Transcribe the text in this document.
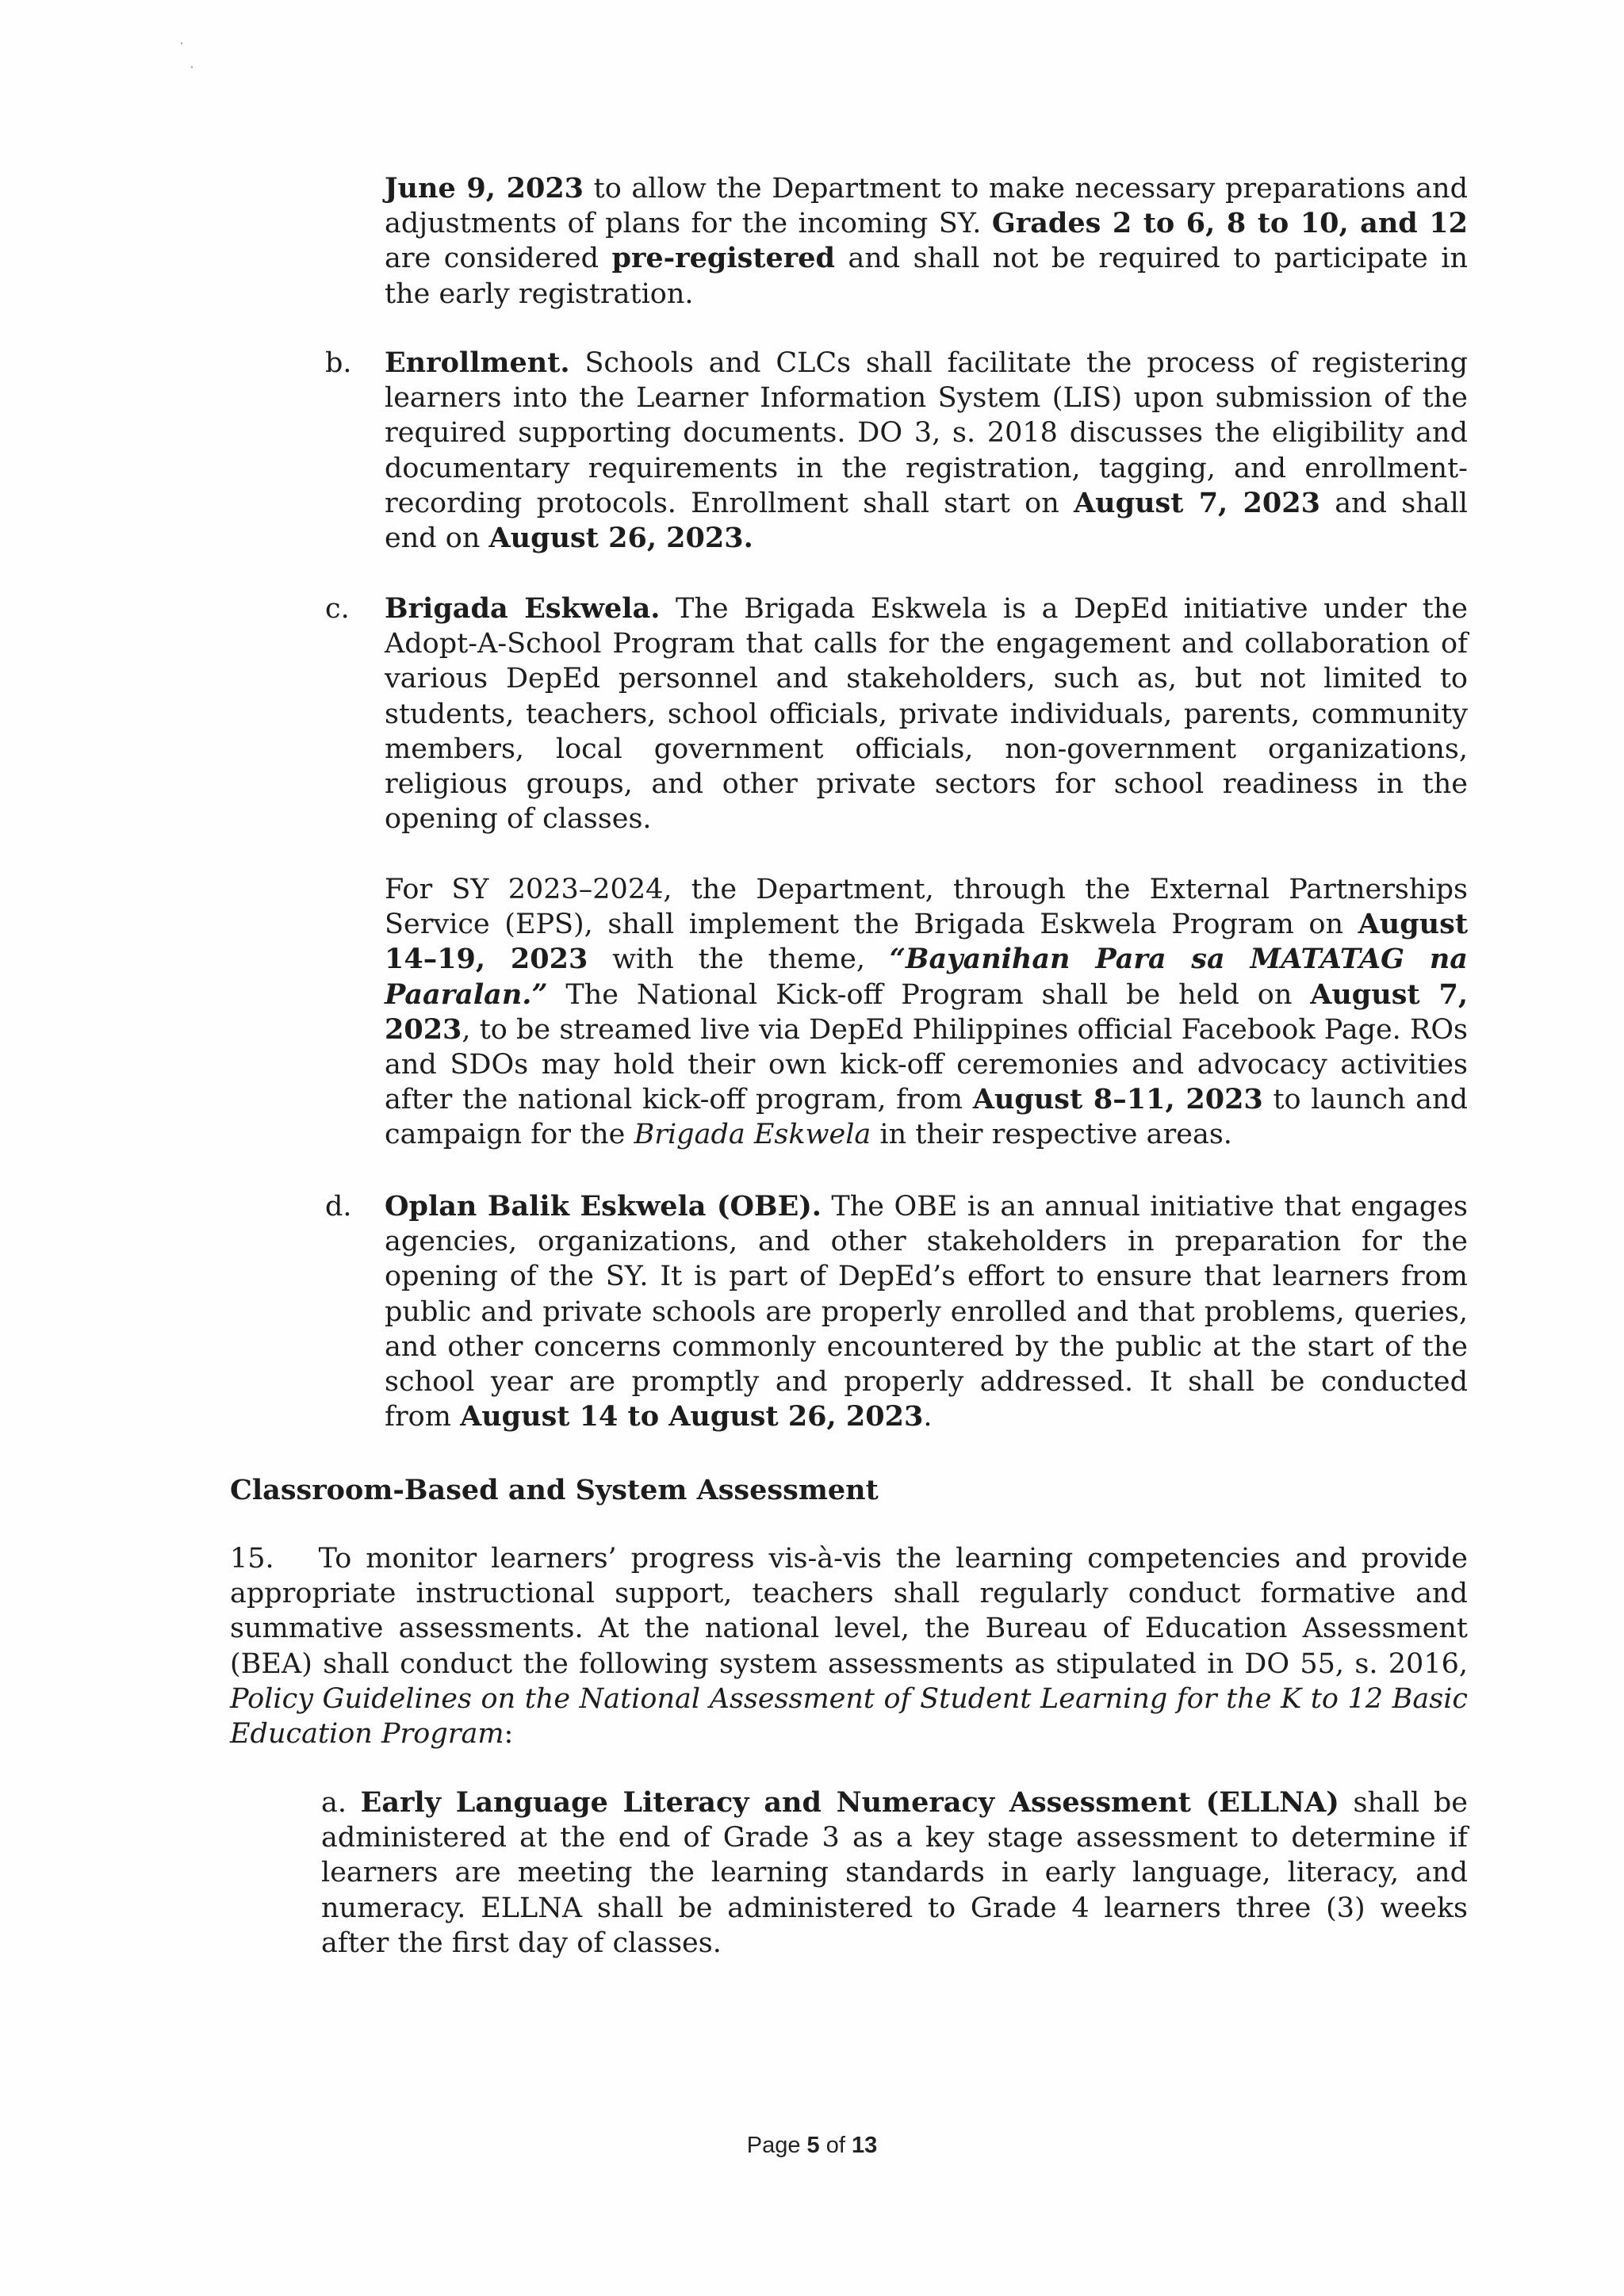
·
·

June 9, 2023 to allow the Department to make necessary preparations and adjustments of plans for the incoming SY. Grades 2 to 6, 8 to 10, and 12 are considered pre-registered and shall not be required to participate in the early registration.

b. Enrollment. Schools and CLCs shall facilitate the process of registering learners into the Learner Information System (LIS) upon submission of the required supporting documents. DO 3, s. 2018 discusses the eligibility and documentary requirements in the registration, tagging, and enrollment-recording protocols. Enrollment shall start on August 7, 2023 and shall end on August 26, 2023.

c. Brigada Eskwela. The Brigada Eskwela is a DepEd initiative under the Adopt-A-School Program that calls for the engagement and collaboration of various DepEd personnel and stakeholders, such as, but not limited to students, teachers, school officials, private individuals, parents, community members, local government officials, non-government organizations, religious groups, and other private sectors for school readiness in the opening of classes.

For SY 2023–2024, the Department, through the External Partnerships Service (EPS), shall implement the Brigada Eskwela Program on August 14–19, 2023 with the theme, “Bayanihan Para sa MATATAG na Paaralan.” The National Kick-off Program shall be held on August 7, 2023, to be streamed live via DepEd Philippines official Facebook Page. ROs and SDOs may hold their own kick-off ceremonies and advocacy activities after the national kick-off program, from August 8–11, 2023 to launch and campaign for the Brigada Eskwela in their respective areas.

d. Oplan Balik Eskwela (OBE). The OBE is an annual initiative that engages agencies, organizations, and other stakeholders in preparation for the opening of the SY. It is part of DepEd’s effort to ensure that learners from public and private schools are properly enrolled and that problems, queries, and other concerns commonly encountered by the public at the start of the school year are promptly and properly addressed. It shall be conducted from August 14 to August 26, 2023.

Classroom-Based and System Assessment

15. To monitor learners’ progress vis-à-vis the learning competencies and provide appropriate instructional support, teachers shall regularly conduct formative and summative assessments. At the national level, the Bureau of Education Assessment (BEA) shall conduct the following system assessments as stipulated in DO 55, s. 2016, Policy Guidelines on the National Assessment of Student Learning for the K to 12 Basic Education Program:

a. Early Language Literacy and Numeracy Assessment (ELLNA) shall be administered at the end of Grade 3 as a key stage assessment to determine if learners are meeting the learning standards in early language, literacy, and numeracy. ELLNA shall be administered to Grade 4 learners three (3) weeks after the first day of classes.

Page 5 of 13
